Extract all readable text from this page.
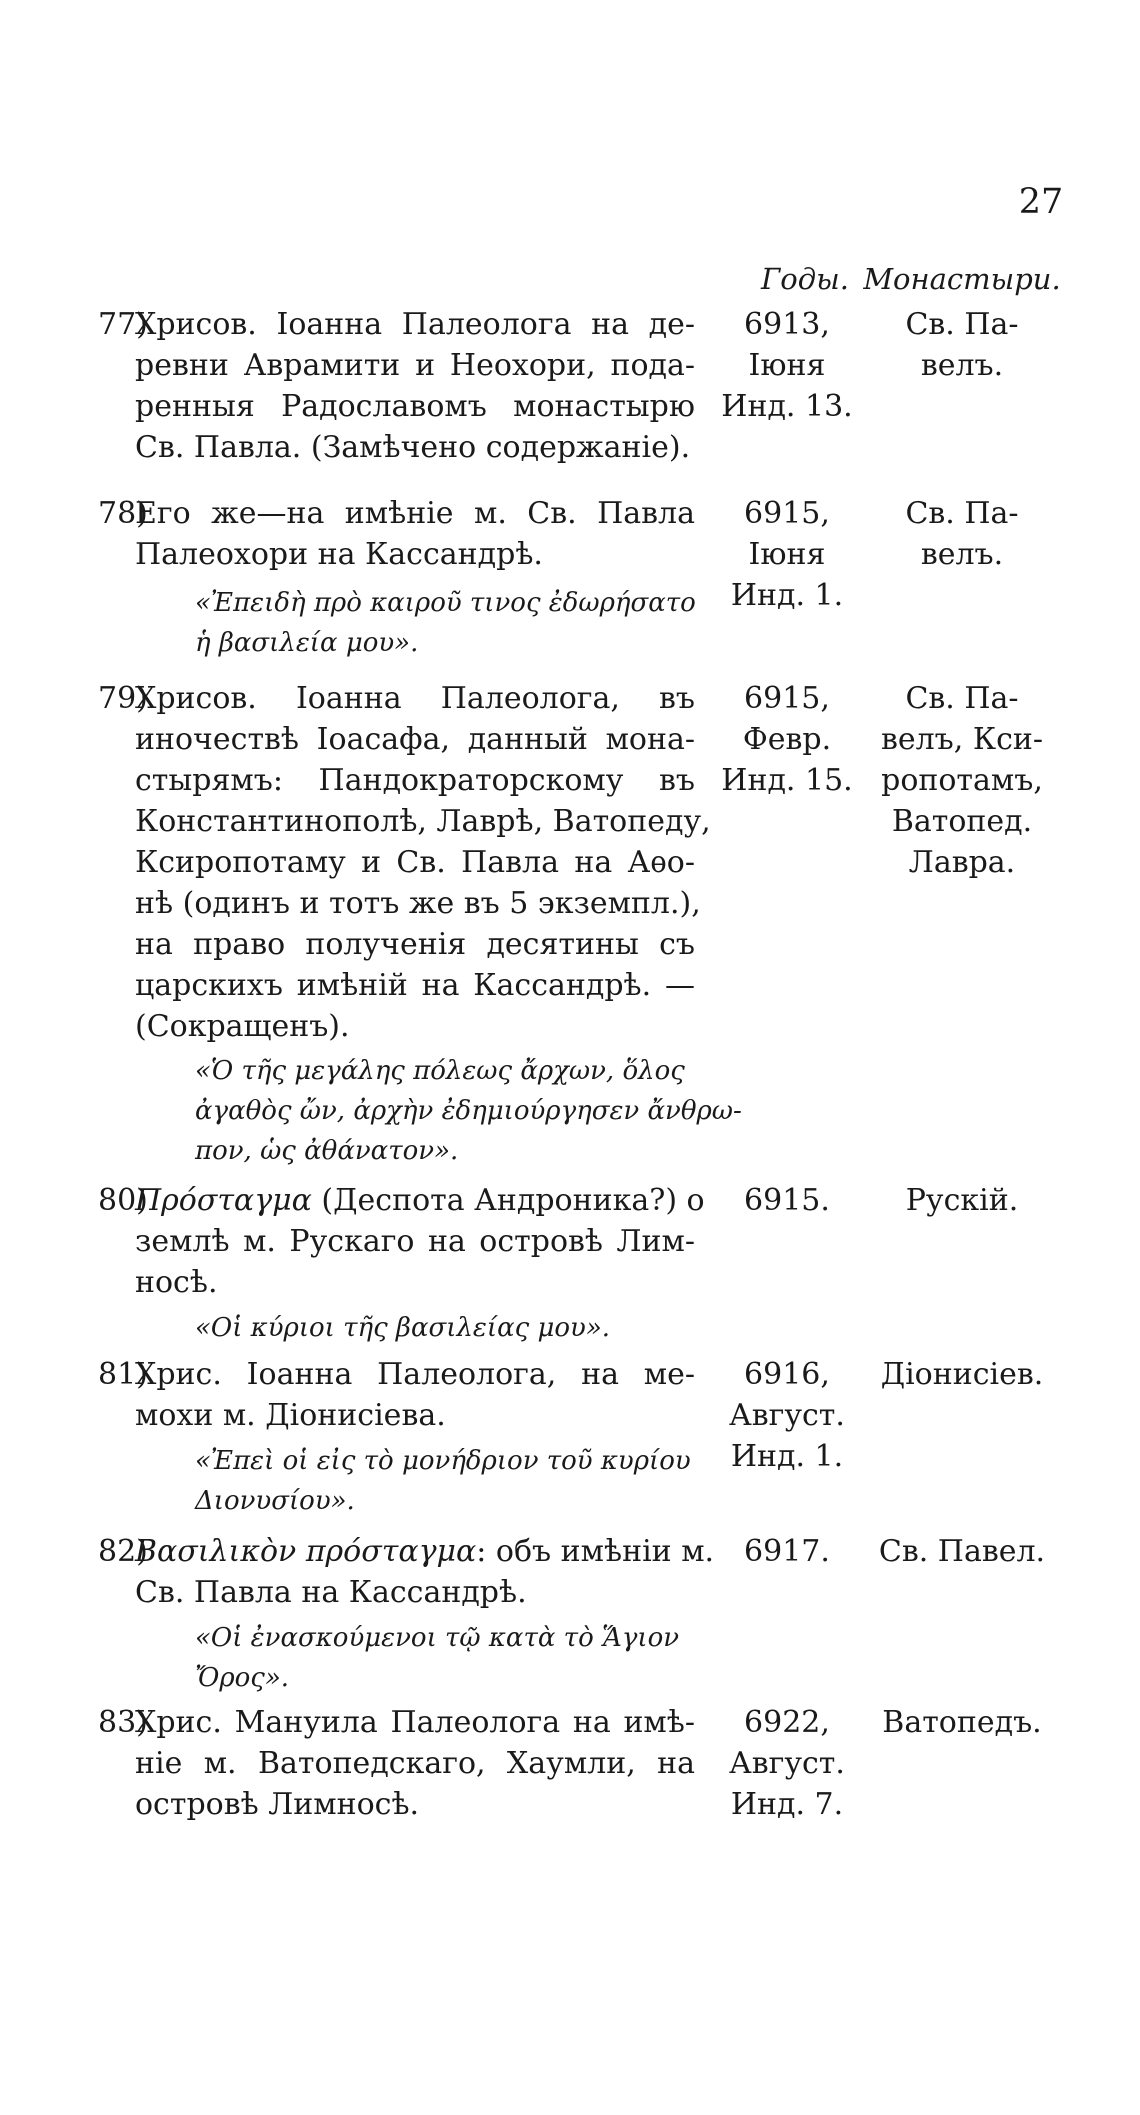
27
Годы. Монастыри.
77)
Хрисов. Іоанна Палеолога на де-
ревни Аврамити и Неохори, пода-
ренныя Радославомъ монастырю
Св. Павла. (Замѣчено содержаніе).
6913,
Іюня
Инд. 13.
Св. Па-
велъ.
78)
Его же—на имѣніе м. Св. Павла
Палеохори на Кассандрѣ.
«Ἐπειδὴ πρὸ καιροῦ τινος ἐδωρήσατο
ἡ βασιλεία μου».
6915,
Іюня
Инд. 1.
Св. Па-
велъ.
79)
Хрисов. Іоанна Палеолога, въ
иночествѣ Іоасафа, данный мона-
стырямъ: Пандократорскому въ
Константинополѣ, Лаврѣ, Ватопеду,
Ксиропотаму и Св. Павла на Аѳо-
нѣ (одинъ и тотъ же въ 5 экземпл.),
на право полученія десятины съ
царскихъ имѣній на Кассандрѣ. —
(Сокращенъ).
«Ὁ τῆς μεγάλης πόλεως ἄρχων, ὅλος
ἀγαθὸς ὤν, ἀρχὴν ἐδημιούργησεν ἄνθρω-
πον, ὡς ἀθάνατον».
6915,
Февр.
Инд. 15.
Св. Па-
велъ, Кси-
ропотамъ,
Ватопед.
Лавра.
80)
Πρόσταγμα (Деспота Андроника?) о
землѣ м. Рускаго на островѣ Лим-
носѣ.
«Οἱ κύριοι τῆς βασιλείας μου».
6915.	Рускій.
81)
Хрис. Іоанна Палеолога, на ме-
мохи м. Діонисіева.
«Ἐπεὶ οἱ εἰς τὸ μονήδριον τοῦ κυρίου
Διονυσίου».
6916,
Август.
Инд. 1.
Діонисіев.
82)
Βασιλικὸν πρόσταγμα: объ имѣніи м.
Св. Павла на Кассандрѣ.
«Οἱ ἐνασκούμενοι τῷ κατὰ τὸ Ἅγιον
Ὄρος».
6917.	Св. Павел.
83)
Хрис. Мануила Палеолога на имѣ-
ніе м. Ватопедскаго, Хаумли, на
островѣ Лимносѣ.
6922,
Август.
Инд. 7.
Ватопедъ.
